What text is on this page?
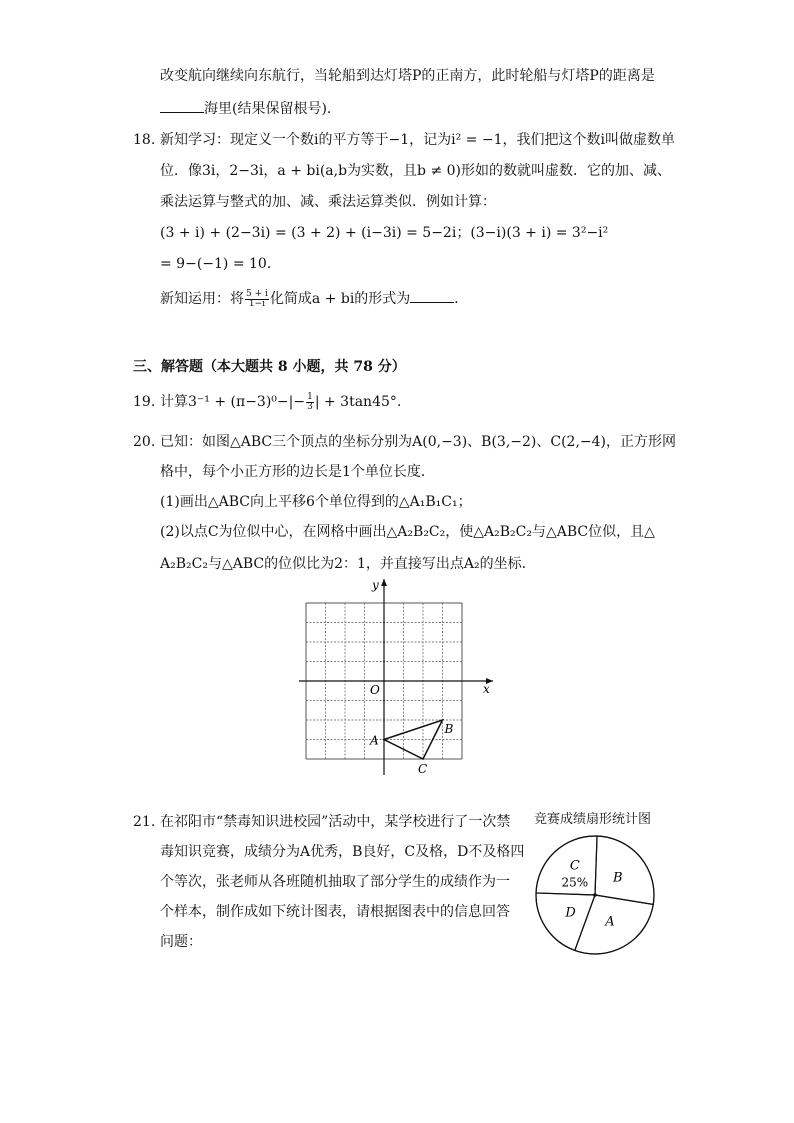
改变航向继续向东航行，当轮船到达灯塔P的正南方，此时轮船与灯塔P的距离是
海里(结果保留根号)．
18. 新知学习：现定义一个数i的平方等于−1，记为i² = −1，我们把这个数i叫做虚数单
位．像3i，2−3i，a + bi(a,b为实数，且b ≠ 0)形如的数就叫虚数．它的加、减、
乘法运算与整式的加、减、乘法运算类似．例如计算：
(3 + i) + (2−3i) = (3 + 2) + (i−3i) = 5−2i；(3−i)(3 + i) = 3²−i²
= 9−(−1) = 10．
新知运用：将 $\frac{5 + i}{1-i}$ 化简成a + bi的形式为	．
三、解答题（本大题共 8 小题，共 78 分）
19. 计算$3^{-1} + (\pi-3)^0-|- \frac{1}{3}$ | + 3tan45°.
20. 已知：如图△ABC三个顶点的坐标分别为A(0,−3)、B(3,−2)、C(2,−4)，正方形网
格中，每个小正方形的边长是1个单位长度．
(1)画出△ABC向上平移6个单位得到的△A₁B₁C₁；
(2)以点C为位似中心，在网格中画出△A₂B₂C₂，使△A₂B₂C₂与△ABC位似，且△
A₂B₂C₂与△ABC的位似比为2：1，并直接写出点A₂的坐标．
x
y
O
A
B
C
21. 在祁阳市“禁毒知识进校园”活动中，某学校进行了一次禁
毒知识竞赛，成绩分为A优秀，B良好，C及格，D不及格四
个等次，张老师从各班随机抽取了部分学生的成绩作为一
个样本，制作成如下统计图表，请根据图表中的信息回答
问题：
竞赛成绩扇形统计图
C
25% B
A
D
